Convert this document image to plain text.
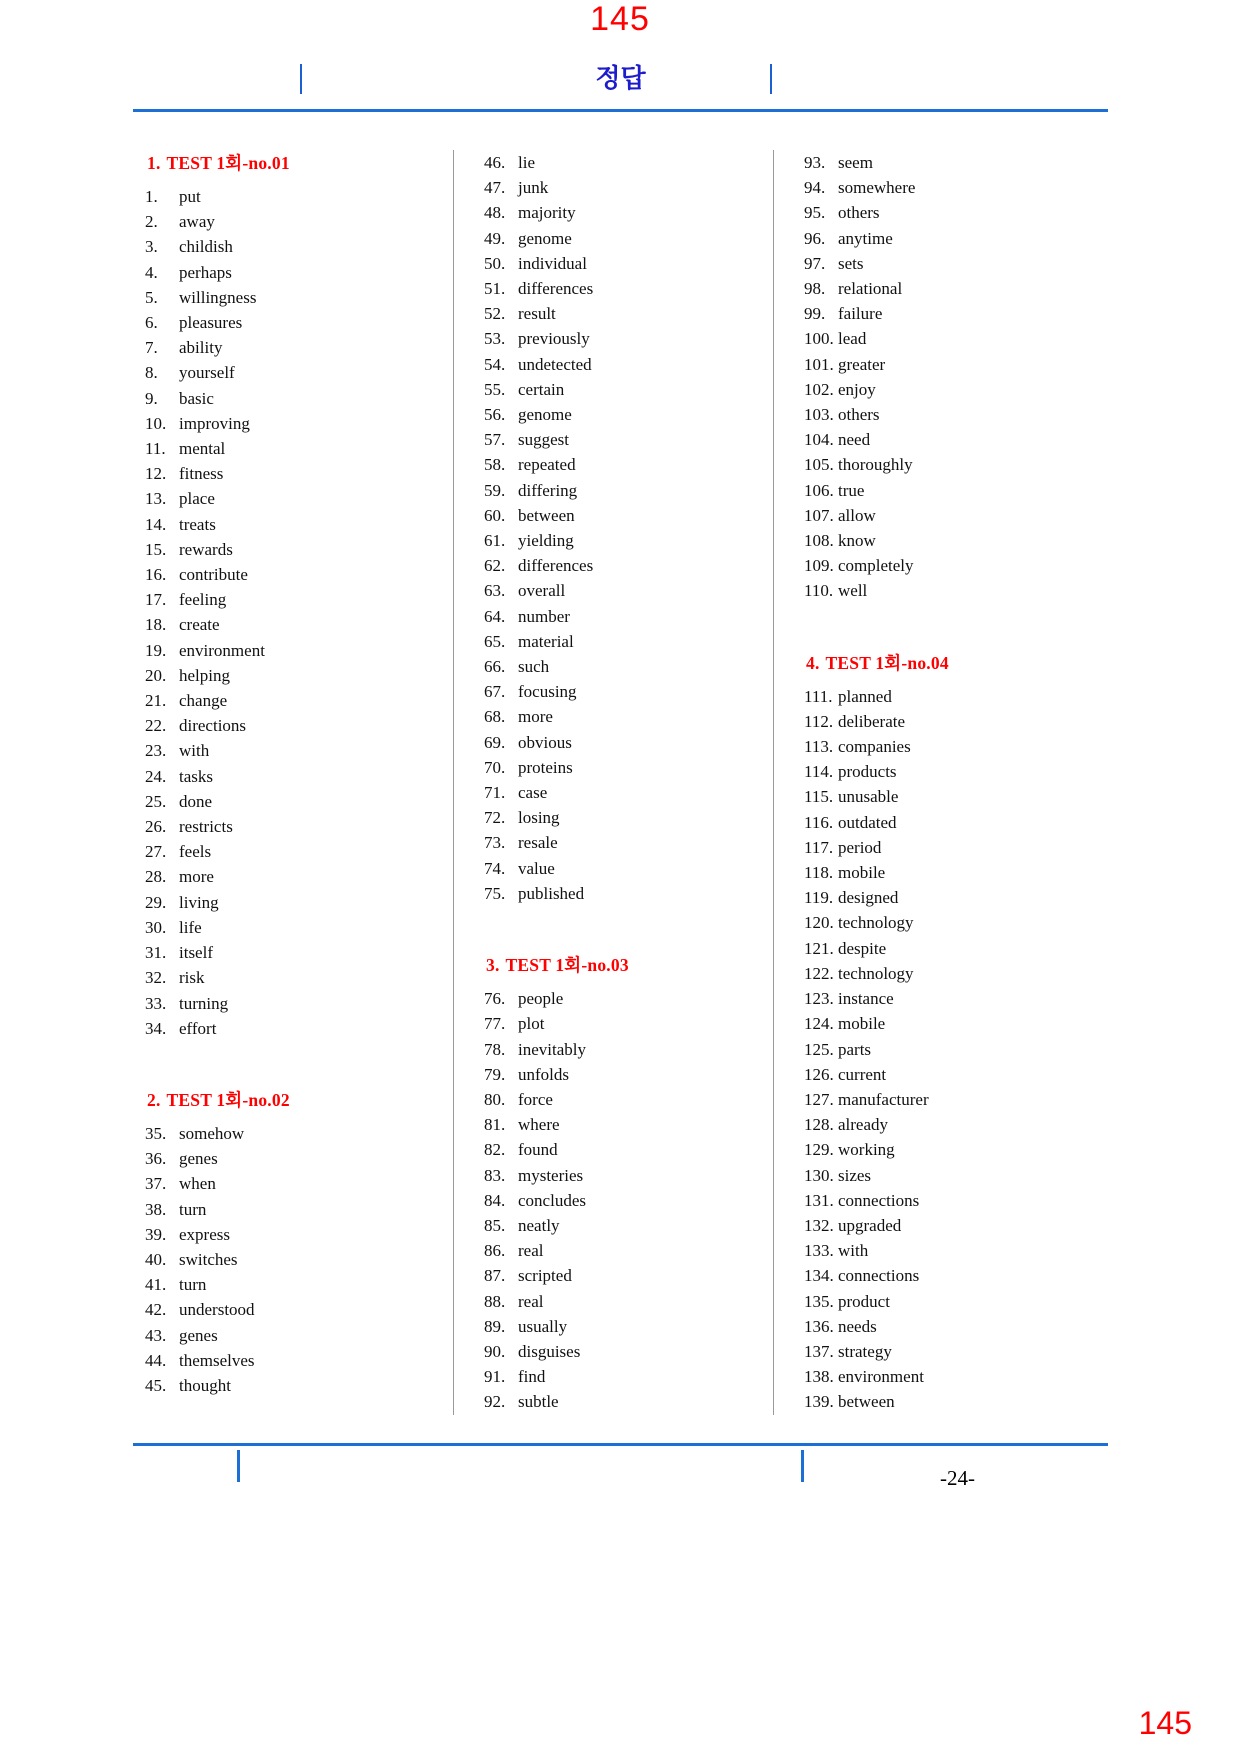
145
정답
1. TEST 1회-no.01
1. put
2. away
3. childish
4. perhaps
5. willingness
6. pleasures
7. ability
8. yourself
9. basic
10. improving
11. mental
12. fitness
13. place
14. treats
15. rewards
16. contribute
17. feeling
18. create
19. environment
20. helping
21. change
22. directions
23. with
24. tasks
25. done
26. restricts
27. feels
28. more
29. living
30. life
31. itself
32. risk
33. turning
34. effort
2. TEST 1회-no.02
35. somehow
36. genes
37. when
38. turn
39. express
40. switches
41. turn
42. understood
43. genes
44. themselves
45. thought
46. lie
47. junk
48. majority
49. genome
50. individual
51. differences
52. result
53. previously
54. undetected
55. certain
56. genome
57. suggest
58. repeated
59. differing
60. between
61. yielding
62. differences
63. overall
64. number
65. material
66. such
67. focusing
68. more
69. obvious
70. proteins
71. case
72. losing
73. resale
74. value
75. published
3. TEST 1회-no.03
76. people
77. plot
78. inevitably
79. unfolds
80. force
81. where
82. found
83. mysteries
84. concludes
85. neatly
86. real
87. scripted
88. real
89. usually
90. disguises
91. find
92. subtle
93. seem
94. somewhere
95. others
96. anytime
97. sets
98. relational
99. failure
100. lead
101. greater
102. enjoy
103. others
104. need
105. thoroughly
106. true
107. allow
108. know
109. completely
110. well
4. TEST 1회-no.04
111. planned
112. deliberate
113. companies
114. products
115. unusable
116. outdated
117. period
118. mobile
119. designed
120. technology
121. despite
122. technology
123. instance
124. mobile
125. parts
126. current
127. manufacturer
128. already
129. working
130. sizes
131. connections
132. upgraded
133. with
134. connections
135. product
136. needs
137. strategy
138. environment
139. between
-24-
145
